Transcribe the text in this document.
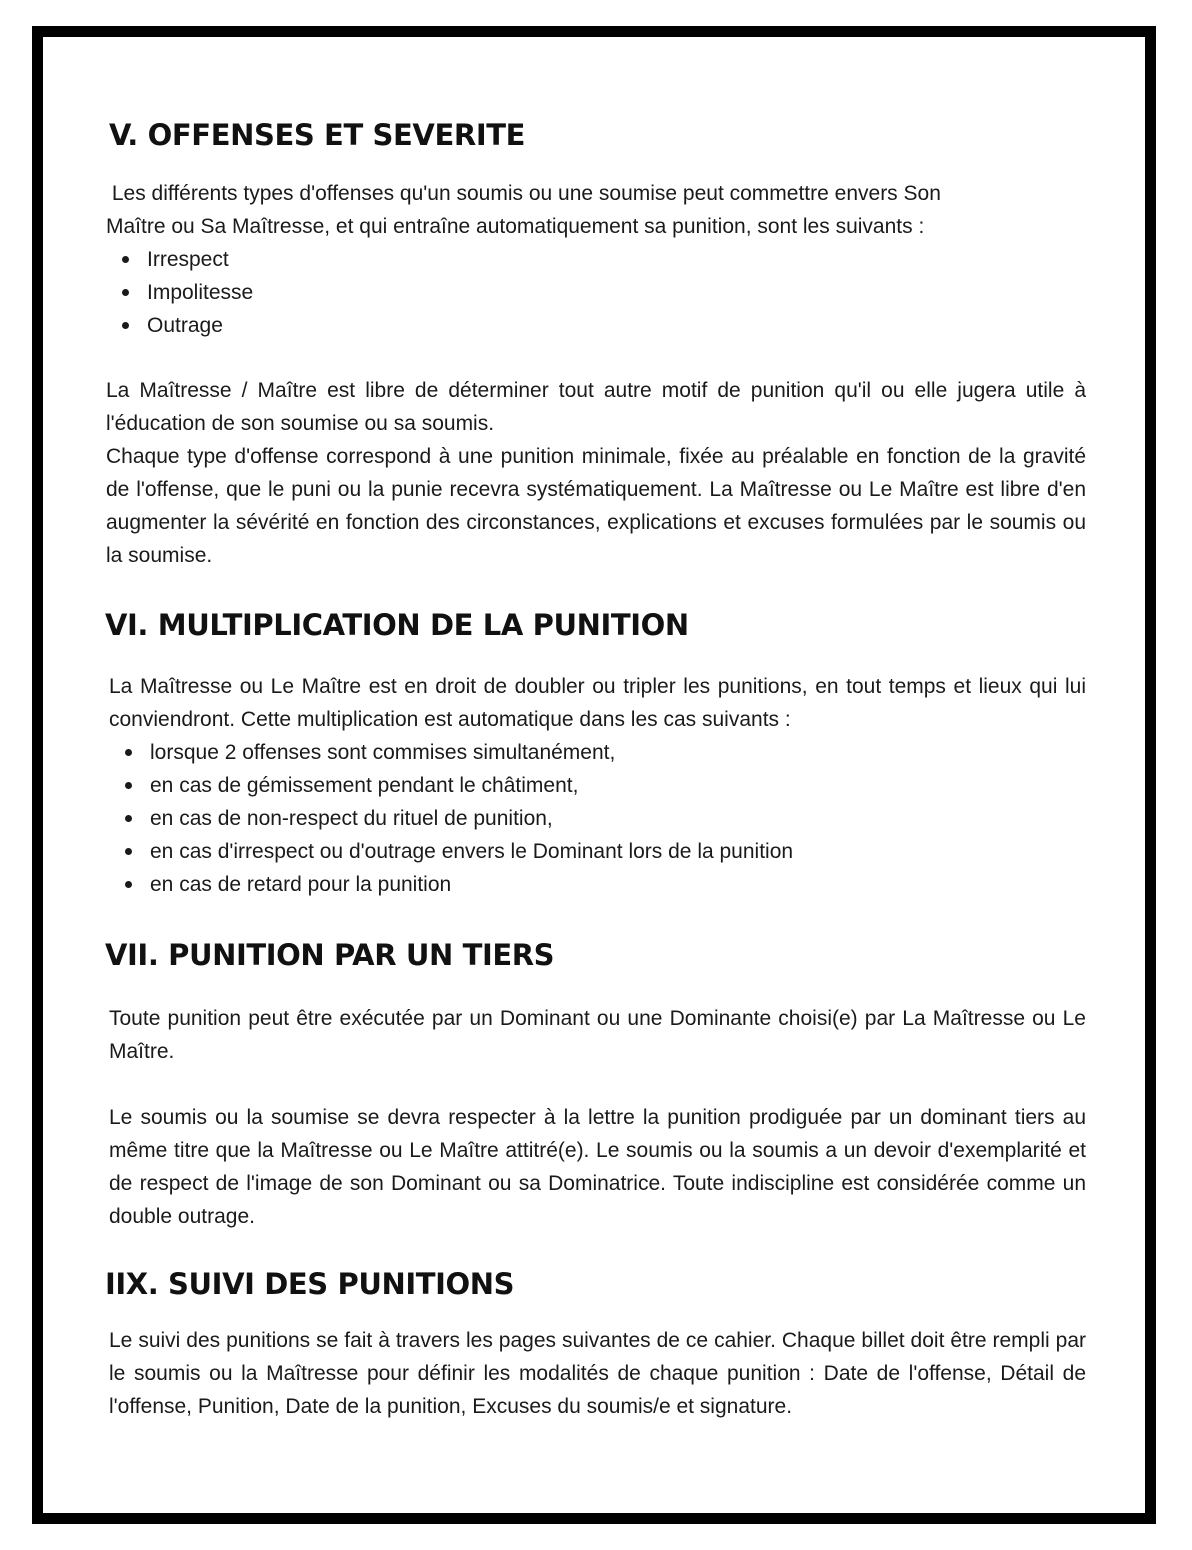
V. OFFENSES ET SEVERITE

Les différents types d'offenses qu'un soumis ou une soumise peut commettre envers Son

Maître ou Sa Maîtresse, et qui entraîne automatiquement sa punition, sont les suivants :

Irrespect
Impolitesse
Outrage

La Maîtresse / Maître est libre de déterminer tout autre motif de punition qu'il ou elle jugera utile à l'éducation de son soumise ou sa soumis.

Chaque type d'offense correspond à une punition minimale, fixée au préalable en fonction de la gravité de l'offense, que le puni ou la punie recevra systématiquement. La Maîtresse ou Le Maître est libre d'en augmenter la sévérité en fonction des circonstances, explications et excuses formulées par le soumis ou la soumise.

VI. MULTIPLICATION DE LA PUNITION

La Maîtresse ou Le Maître est en droit de doubler ou tripler les punitions, en tout temps et lieux qui lui conviendront. Cette multiplication est automatique dans les cas suivants :

lorsque 2 offenses sont commises simultanément,
en cas de gémissement pendant le châtiment,
en cas de non-respect du rituel de punition,
en cas d'irrespect ou d'outrage envers le Dominant lors de la punition
en cas de retard pour la punition
VII. PUNITION PAR UN TIERS

Toute punition peut être exécutée par un Dominant ou une Dominante choisi(e) par La Maîtresse ou Le Maître.

Le soumis ou la soumise se devra respecter à la lettre la punition prodiguée par un dominant tiers au même titre que la Maîtresse ou Le Maître attitré(e). Le soumis ou la soumis a un devoir d'exemplarité et de respect de l'image de son Dominant ou sa Dominatrice. Toute indiscipline est considérée comme un double outrage.

IIX. SUIVI DES PUNITIONS

Le suivi des punitions se fait à travers les pages suivantes de ce cahier. Chaque billet doit être rempli par le soumis ou la Maîtresse pour définir les modalités de chaque punition : Date de l'offense, Détail de l'offense, Punition, Date de la punition, Excuses du soumis/e et signature.
